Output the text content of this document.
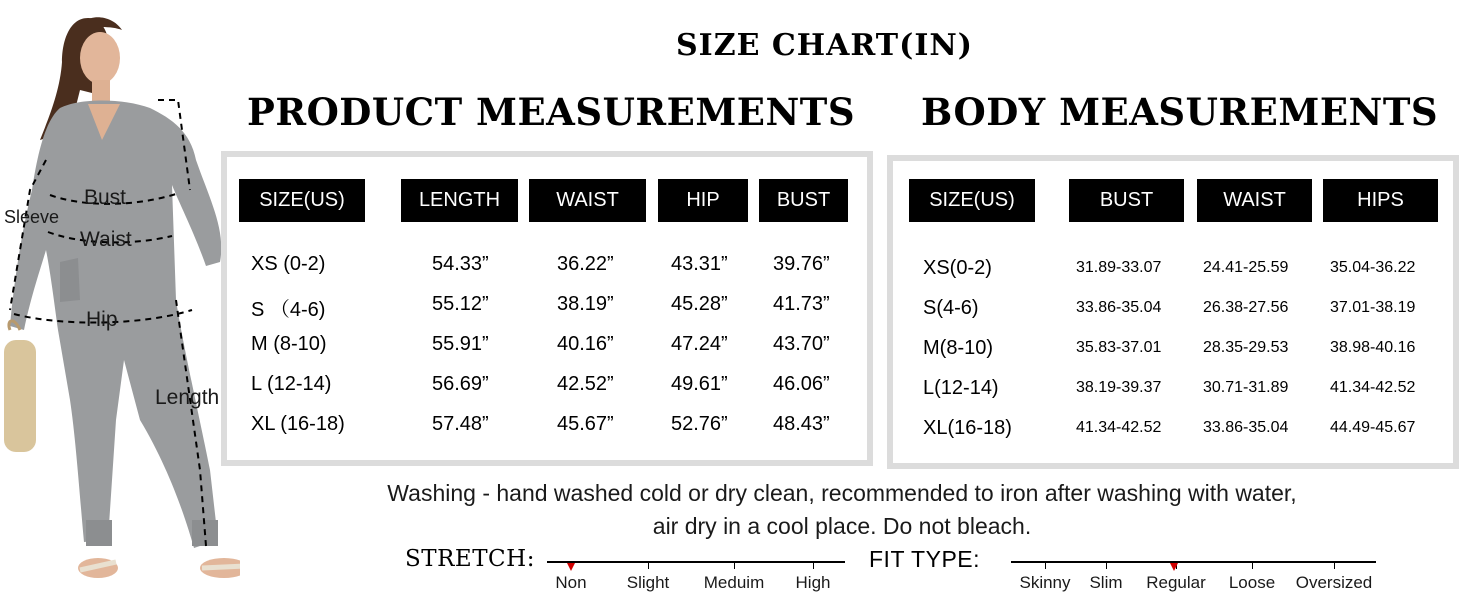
Bust
Sleeve
Waist
Hip
Length
SIZE CHART(IN)
PRODUCT MEASUREMENTS BODY MEASUREMENTS
SIZE(US)	LENGTH	WAIST	HIP	BUST
XS (0-2)	54.33”	36.22”	43.31” 39.76”
S （4-6)	55.12”	38.19”	45.28” 41.73”
M (8-10)	55.91”	40.16”	47.24” 43.70”
L (12-14)	56.69”	42.52”	49.61” 46.06”
XL (16-18)	57.48”	45.67”	52.76” 48.43”
SIZE(US)	BUST	WAIST	HIPS
XS(0-2)	31.89-33.07	24.41-25.59	35.04-36.22
S(4-6)	33.86-35.04	26.38-27.56	37.01-38.19
M(8-10)	35.83-37.01	28.35-29.53	38.98-40.16
L(12-14)	38.19-39.37	30.71-31.89	41.34-42.52
XL(16-18)	41.34-42.52	33.86-35.04	44.49-45.67
Washing - hand washed cold or dry clean, recommended to iron after washing with water,
air dry in a cool place. Do not bleach.
STRETCH:
Non Slight Meduim High
FIT TYPE:
Skinny Slim Regular Loose Oversized
